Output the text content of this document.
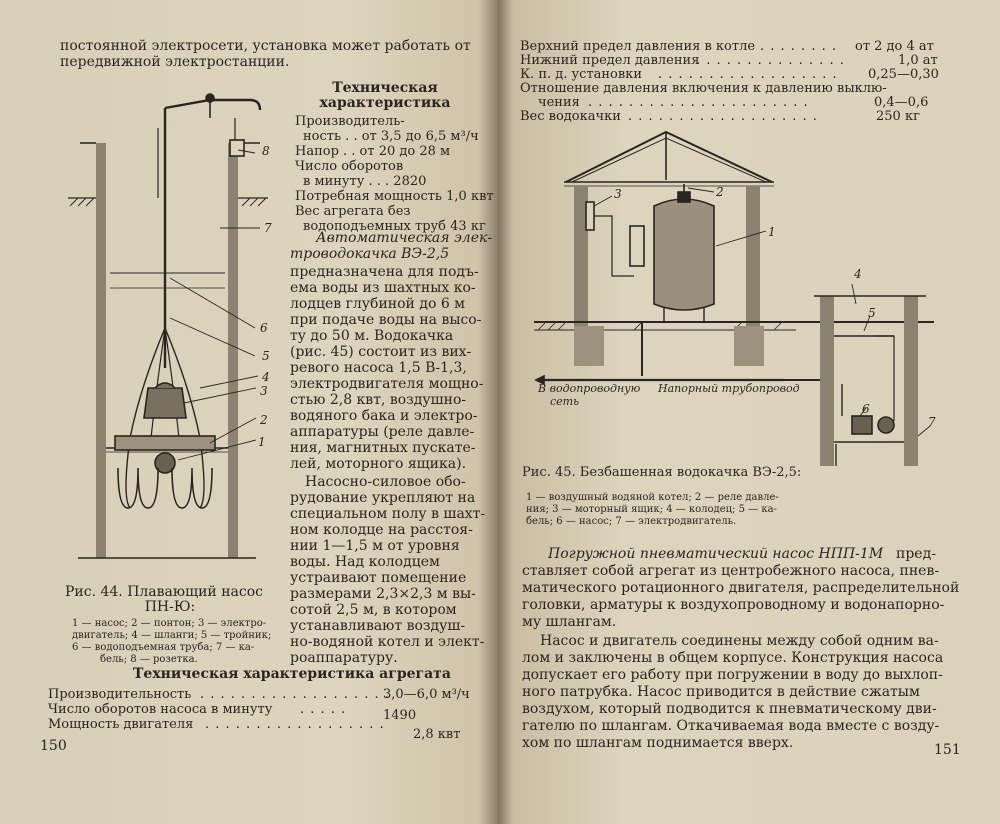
постоянной электросети, установка может работать от
передвижной электростанции.
Техническая
характеристика
Производитель-
ность . . от 3,5 до 6,5 м³/ч
Напор . . от 20 до 28 м
Число оборотов
в минуту . . . 2820
Потребная мощность 1,0 квт
Вес агрегата без
водоподъемных труб 43 кг
Автоматическая элек-
троводокачка ВЭ-2,5
предназначена для подъ-
ема воды из шахтных ко-
лодцев глубиной до 6 м
при подаче воды на высо-
ту до 50 м. Водокачка
(рис. 45) состоит из вих-
ревого насоса 1,5 В-1,3,
электродвигателя мощно-
стью 2,8 квт, воздушно-
водяного бака и электро-
аппаратуры (реле давле-
ния, магнитных пускате-
лей, моторного ящика).
Насосно-силовое обо-
рудование укрепляют на
специальном полу в шахт-
ном колодце на расстоя-
нии 1—1,5 м от уровня
воды. Над колодцем
устраивают помещение
размерами 2,3×2,3 м вы-
сотой 2,5 м, в котором
устанавливают воздуш-
но-водяной котел и элект-
роаппаратуру.
8
7
6
5
4
3
2
1
Рис. 44. Плавающий насос
ПН-Ю:
1 — насос; 2 — понтон; 3 — электро-
двигатель; 4 — шланги; 5 — тройник;
6 — водоподъемная труба; 7 — ка-
бель; 8 — розетка.
Техническая характеристика агрегата
Производительность . . . . . . . . . . . . . . . . . . .
3,0—6,0 м³/ч
Число оборотов насоса в минуту . . . . .	1490
Мощность двигателя . . . . . . . . . . . . . . . . . .
2,8 квт
150
Верхний предел давления в котле . . . . . . . . от 2 до 4 ат
Нижний предел давления
. . . . . . . . . . . . . . .	1,0 ат
К. п. д. установки . . . . . . . . . . . . . . . . . . 0,25—0,30
Отношение давления включения к давлению выклю-
чения . . . . . . . . . . . . . . . . . . . . . .	0,4—0,6
Вес водокачки . . . . . . . . . . . . . . . . . . .	250 кг
1
2
3
4
5
6
7
В водопроводную
сеть
Напорный трубопровод
Рис. 45. Безбашенная водокачка ВЭ-2,5:
1 — воздушный водяной котел; 2 — реле давле-
ния; 3 — моторный ящик; 4 — колодец; 5 — ка-
бель; 6 — насос; 7 — электродвигатель.
Погружной пневматический насос НПП-1М пред-
ставляет собой агрегат из центробежного насоса, пнев-
матического ротационного двигателя, распределительной
головки, арматуры к воздухопроводному и водонапорно-
му шлангам.
Насос и двигатель соединены между собой одним ва-
лом и заключены в общем корпусе. Конструкция насоса
допускает его работу при погружении в воду до выхлоп-
ного патрубка. Насос приводится в действие сжатым
воздухом, который подводится к пневматическому дви-
гателю по шлангам. Откачиваемая вода вместе с возду-
хом по шлангам поднимается вверх.	151
